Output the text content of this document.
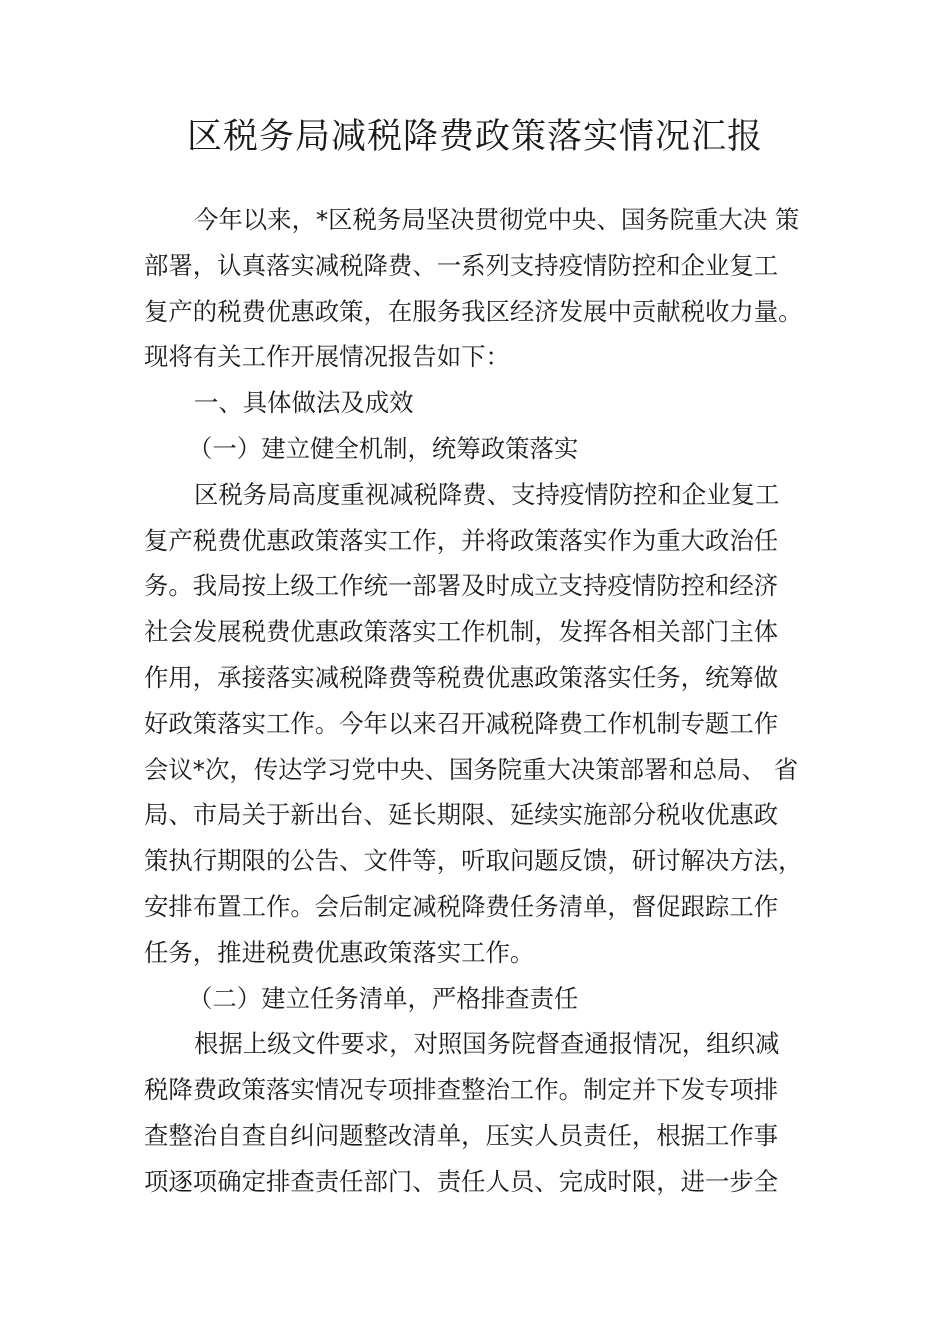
区税务局减税降费政策落实情况汇报
今年以来，*区税务局坚决贯彻党中央、国务院重大决 策
部署，认真落实减税降费、一系列支持疫情防控和企业复工
复产的税费优惠政策，在服务我区经济发展中贡献税收力量。
现将有关工作开展情况报告如下：
一、具体做法及成效
（一）建立健全机制，统筹政策落实
区税务局高度重视减税降费、支持疫情防控和企业复工
复产税费优惠政策落实工作，并将政策落实作为重大政治任
务。我局按上级工作统一部署及时成立支持疫情防控和经济
社会发展税费优惠政策落实工作机制，发挥各相关部门主体
作用，承接落实减税降费等税费优惠政策落实任务，统筹做
好政策落实工作。今年以来召开减税降费工作机制专题工作
会议*次，传达学习党中央、国务院重大决策部署和总局、 省
局、市局关于新出台、延长期限、延续实施部分税收优惠政
策执行期限的公告、文件等，听取问题反馈，研讨解决方法，
安排布置工作。会后制定减税降费任务清单，督促跟踪工作
任务，推进税费优惠政策落实工作。
（二）建立任务清单，严格排查责任
根据上级文件要求，对照国务院督查通报情况，组织减
税降费政策落实情况专项排查整治工作。制定并下发专项排
查整治自查自纠问题整改清单，压实人员责任，根据工作事
项逐项确定排查责任部门、责任人员、完成时限，进一步全
